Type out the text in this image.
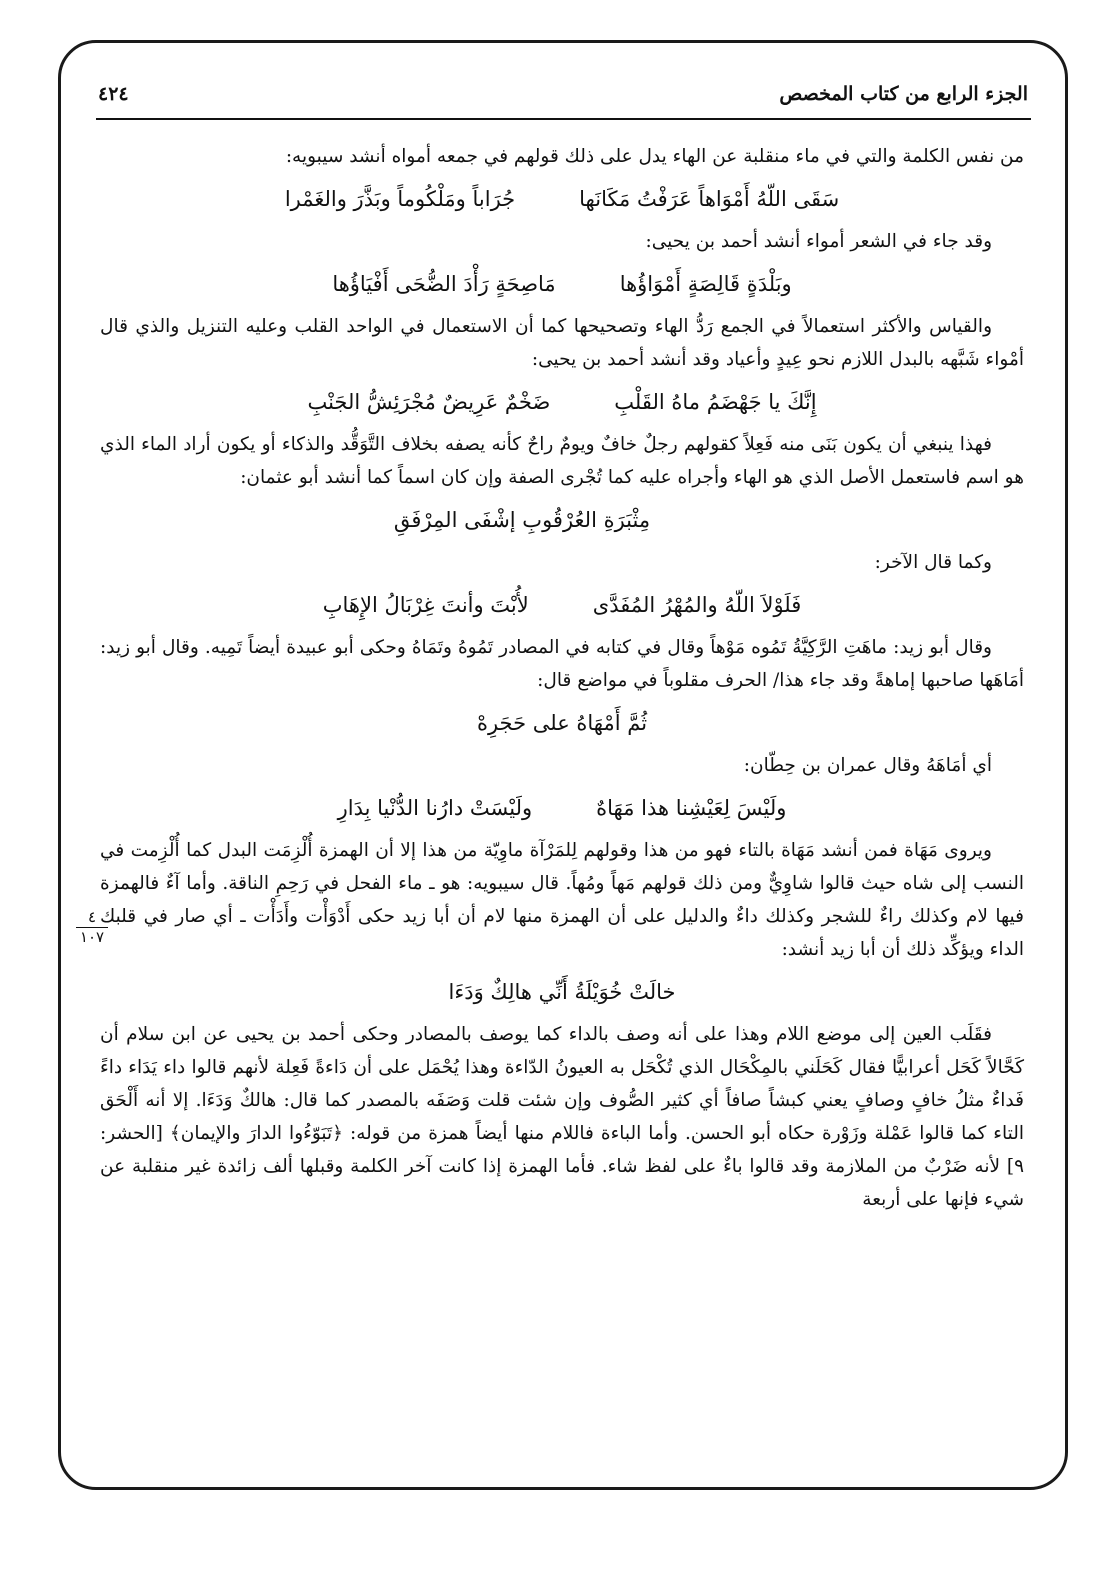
الجزء الرابع من كتاب المخصص
٤٢٤
٤
١٠٧

من نفس الكلمة والتي في ماء منقلبة عن الهاء يدل على ذلك قولهم في جمعه أمواه أنشد سيبويه:

سَقَى اللّهُ أَمْوَاهاً عَرَفْتُ مَكَانَها
جُرَاباً ومَلْكُوماً وبَذَّرَ والغَمْرا

وقد جاء في الشعر أمواء أنشد أحمد بن يحيى:

وبَلْدَةٍ قَالِصَةٍ أَمْوَاؤُها
مَاصِحَةٍ رَأْدَ الضُّحَى أَفْيَاؤُها

والقياس والأكثر استعمالاً في الجمع رَدُّ الهاء وتصحيحها كما أن الاستعمال في الواحد القلب وعليه التنزيل والذي قال أمْواء شَبَّهه بالبدل اللازم نحو عِيدٍ وأعياد وقد أنشد أحمد بن يحيى:

إِنَّكَ يا جَهْضَمُ ماهُ القَلْبِ
ضَخْمٌ عَرِيضٌ مُجْرَئِشُّ الجَنْبِ

فهذا ينبغي أن يكون بَنَى منه فَعِلاً كقولهم رجلٌ خافٌ ويومٌ راحٌ كأنه يصفه بخلاف التَّوَقُّد والذكاء أو يكون أراد الماء الذي هو اسم فاستعمل الأصل الذي هو الهاء وأجراه عليه كما تُجْرى الصفة وإن كان اسماً كما أنشد أبو عثمان:

مِثْبَرَةِ العُرْقُوبِ إشْفَى المِرْفَقِ

وكما قال الآخر:

فَلَوْلاَ اللّهُ والمُهْرُ المُفَدَّى
لأُبْتَ وأنتَ غِرْبَالُ الإِهَابِ

وقال أبو زيد: ماهَتِ الرَّكِيَّةُ تَمُوه مَوْهاً وقال في كتابه في المصادر تَمُوهُ وتَمَاهُ وحكى أبو عبيدة أيضاً تَمِيه. وقال أبو زيد: أمَاهَها صاحبها إماهةً وقد جاء هذا/ الحرف مقلوباً في مواضع قال:

ثُمَّ أَمْهَاهُ على حَجَرِهْ

أي أمَاهَهُ وقال عمران بن حِطّان:

ولَيْسَ لِعَيْشِنا هذا مَهَاهٌ
ولَيْسَتْ دارُنا الدُّنْيا بِدَارِ

ويروى مَهَاة فمن أنشد مَهَاة بالتاء فهو من هذا وقولهم لِلمَرْآة ماوِيّة من هذا إلا أن الهمزة أُلْزِمَت البدل كما أُلْزِمت في النسب إلى شاه حيث قالوا شاوِيٌّ ومن ذلك قولهم مَهاً ومُهاً. قال سيبويه: هو ـ ماء الفحل في رَحِمِ الناقة. وأما آءٌ فالهمزة فيها لام وكذلك راءٌ للشجر وكذلك داءٌ والدليل على أن الهمزة منها لام أن أبا زيد حكى أَدْوَأْت وأَدَأْت ـ أي صار في قلبك الداء ويؤكِّد ذلك أن أبا زيد أنشد:

خالَتْ خُوَيْلَةُ أَنِّي هالِكٌ وَدَءَا

فقَلَب العين إلى موضع اللام وهذا على أنه وصف بالداء كما يوصف بالمصادر وحكى أحمد بن يحيى عن ابن سلام أن كَحَّالاً كَحَل أعرابيًّا فقال كَحَلَني بالمِكْحَال الذي تُكْحَل به العيونُ الدّاءة وهذا يُحْمَل على أن دَاءةً فَعِلة لأنهم قالوا داء يَدَاء داءً فَداءٌ مثلُ خافٍ وصافٍ يعني كبشاً صافاً أي كثير الصُّوف وإن شئت قلت وَصَفَه بالمصدر كما قال: هالكٌ وَدَءَا. إلا أنه أَلْحَق التاء كما قالوا عَمْلة وزَوْرة حكاه أبو الحسن. وأما الباءة فاللام منها أيضاً همزة من قوله: ﴿تَبَوّءُوا الدارَ والإيمان﴾ [الحشر: ٩] لأنه ضَرْبٌ من الملازمة وقد قالوا باءٌ على لفظ شاء. فأما الهمزة إذا كانت آخر الكلمة وقبلها ألف زائدة غير منقلبة عن شيء فإنها على أربعة
